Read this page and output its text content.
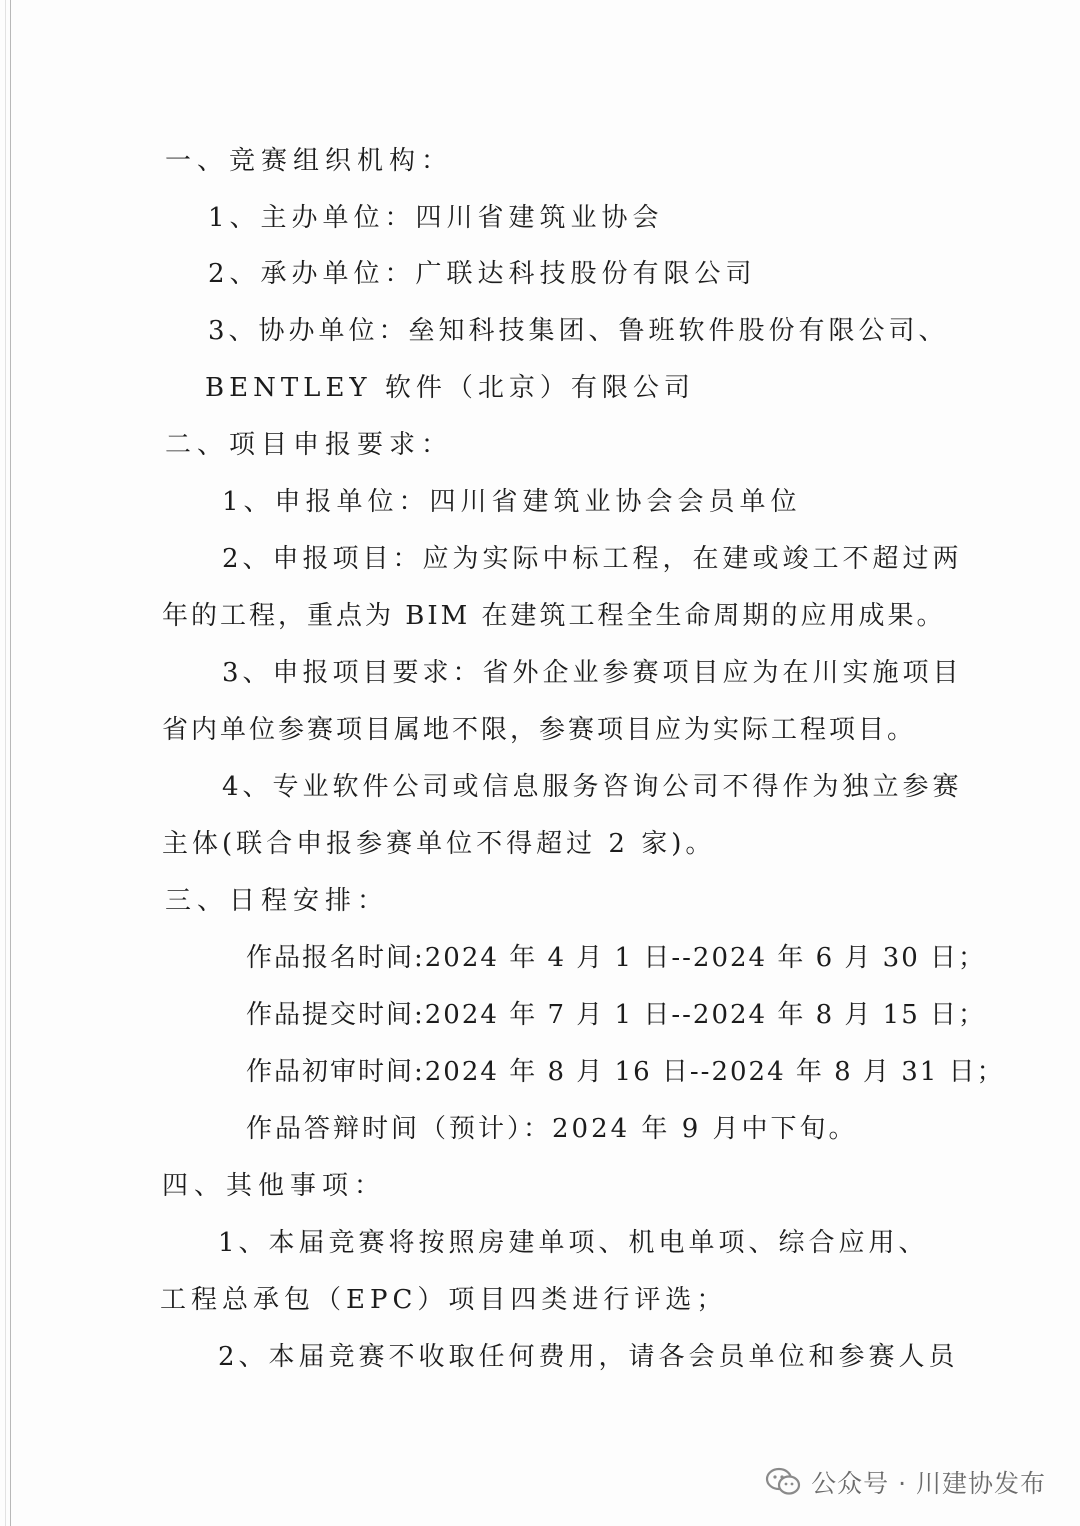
一、竞赛组织机构：
1、主办单位：四川省建筑业协会
2、承办单位：广联达科技股份有限公司
3、协办单位：垒知科技集团、鲁班软件股份有限公司、
BENTLEY 软件（北京）有限公司
二、项目申报要求：
1、申报单位：四川省建筑业协会会员单位
2、申报项目：应为实际中标工程，在建或竣工不超过两
年的工程，重点为 BIM 在建筑工程全生命周期的应用成果。
3、申报项目要求：省外企业参赛项目应为在川实施项目
省内单位参赛项目属地不限，参赛项目应为实际工程项目。
4、专业软件公司或信息服务咨询公司不得作为独立参赛
主体(联合申报参赛单位不得超过 2 家)。
三、日程安排：
作品报名时间:2024 年 4 月 1 日--2024 年 6 月 30 日；
作品提交时间:2024 年 7 月 1 日--2024 年 8 月 15 日；
作品初审时间:2024 年 8 月 16 日--2024 年 8 月 31 日；
作品答辩时间（预计）：2024 年 9 月中下旬。
四、其他事项：
1、本届竞赛将按照房建单项、机电单项、综合应用、
工程总承包（EPC）项目四类进行评选；
2、本届竞赛不收取任何费用，请各会员单位和参赛人员
公众号 · 川建协发布
